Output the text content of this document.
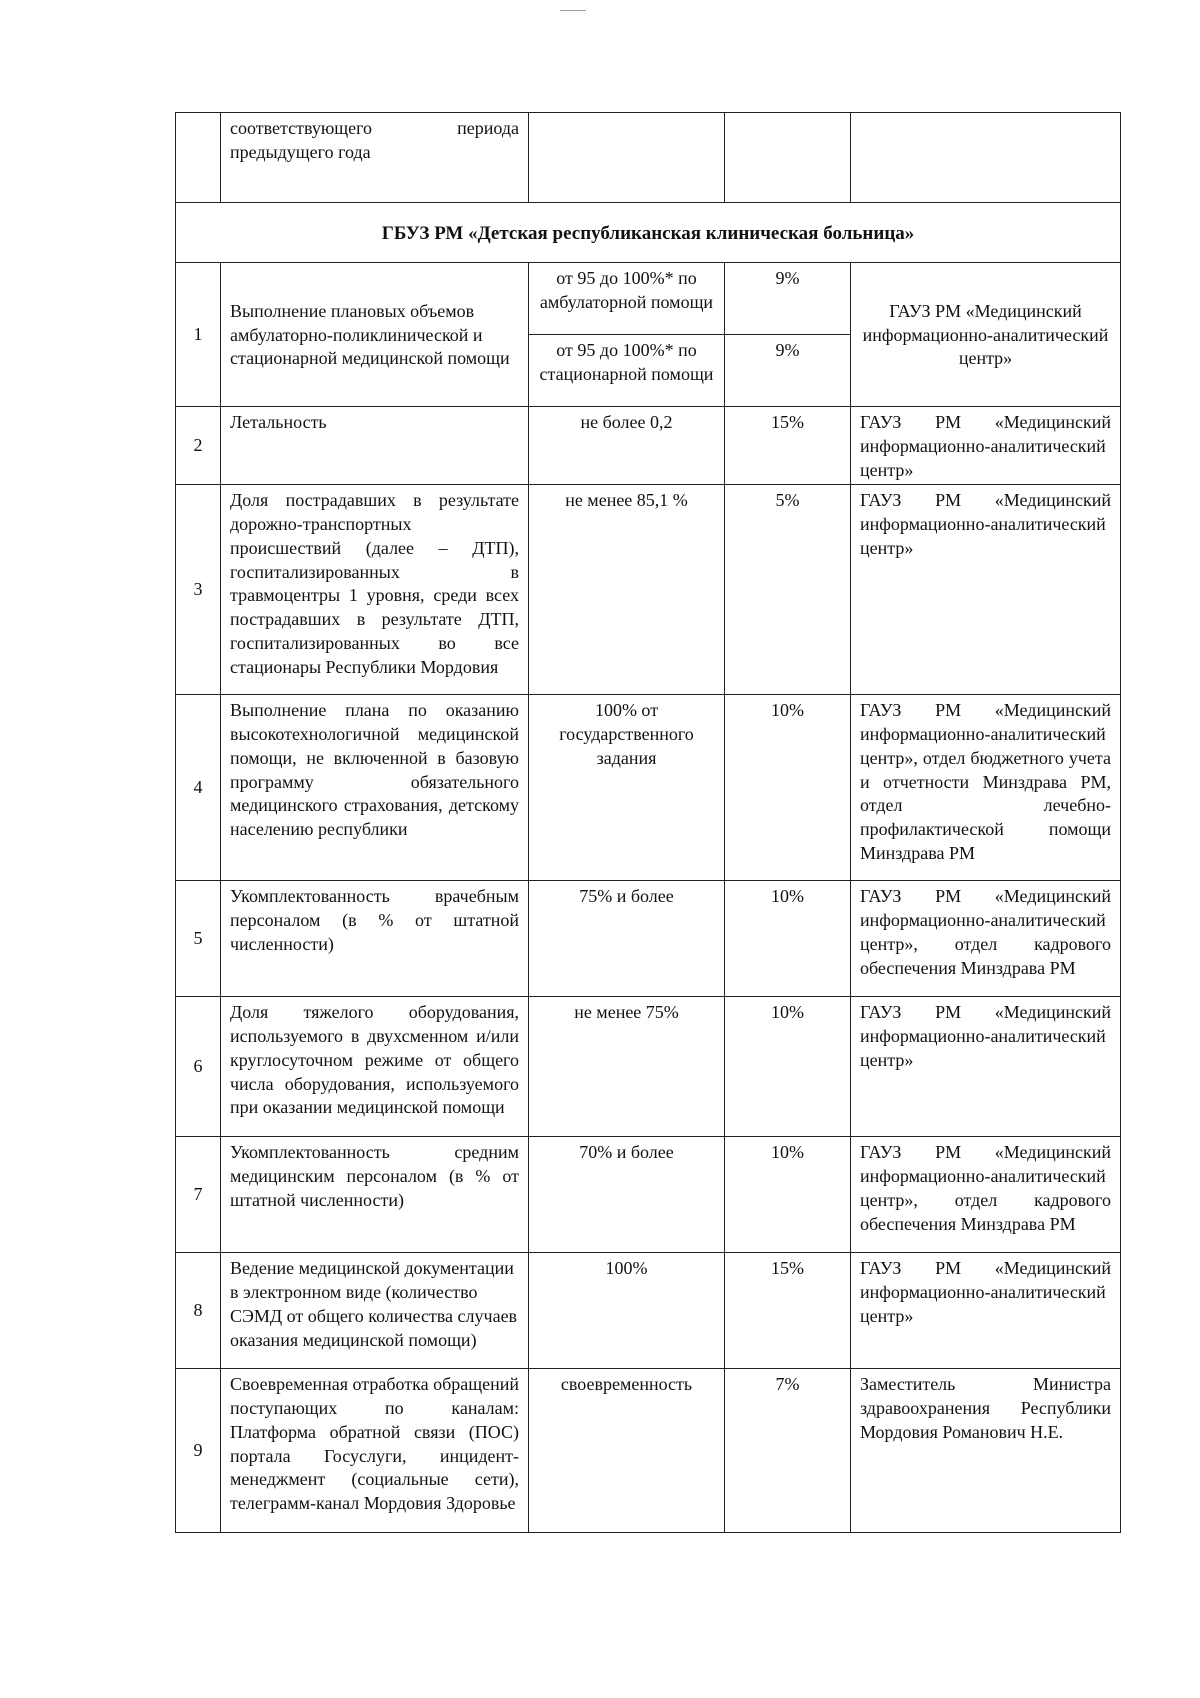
	соответствующего периода предыдущего года			
ГБУЗ РМ «Детская республиканская клиническая больница»				
1	Выполнение плановых объемов амбулаторно-поликлинической и стационарной медицинской помощи	от 95 до 100%* по амбулаторной помощи	9%	ГАУЗ РМ «Медицинский информационно-аналитический центр»
		от 95 до 100%* по стационарной помощи	9%	
2	Летальность	не более 0,2	15%	ГАУЗ РМ «Медицинский информационно-аналитический центр»
3	Доля пострадавших в результате дорожно-транспортных происшествий (далее – ДТП), госпитализированных в травмоцентры 1 уровня, среди всех пострадавших в результате ДТП, госпитализированных во все стационары Республики Мордовия	не менее 85,1 %	5%	ГАУЗ РМ «Медицинский информационно-аналитический центр»
4	Выполнение плана по оказанию высокотехнологичной медицинской помощи, не включенной в базовую программу обязательного медицинского страхования, детскому населению республики	100% от государственного задания	10%	ГАУЗ РМ «Медицинский информационно-аналитический центр», отдел бюджетного учета и отчетности Минздрава РМ, отдел лечебно-профилактической помощи Минздрава РМ
5	Укомплектованность врачебным персоналом (в % от штатной численности)	75% и более	10%	ГАУЗ РМ «Медицинский информационно-аналитический центр», отдел кадрового обеспечения Минздрава РМ
6	Доля тяжелого оборудования, используемого в двухсменном и/или круглосуточном режиме от общего числа оборудования, используемого при оказании медицинской помощи	не менее 75%	10%	ГАУЗ РМ «Медицинский информационно-аналитический центр»
7	Укомплектованность средним медицинским персоналом (в % от штатной численности)	70% и более	10%	ГАУЗ РМ «Медицинский информационно-аналитический центр», отдел кадрового обеспечения Минздрава РМ
8	Ведение медицинской документации в электронном виде (количество СЭМД от общего количества случаев оказания медицинской помощи)	100%	15%	ГАУЗ РМ «Медицинский информационно-аналитический центр»
9	Своевременная отработка обращений поступающих по каналам: Платформа обратной связи (ПОС) портала Госуслуги, инцидент-менеджмент (социальные сети), телеграмм-канал Мордовия Здоровье	своевременность	7%	Заместитель Министра здравоохранения Республики Мордовия Романович Н.Е.
